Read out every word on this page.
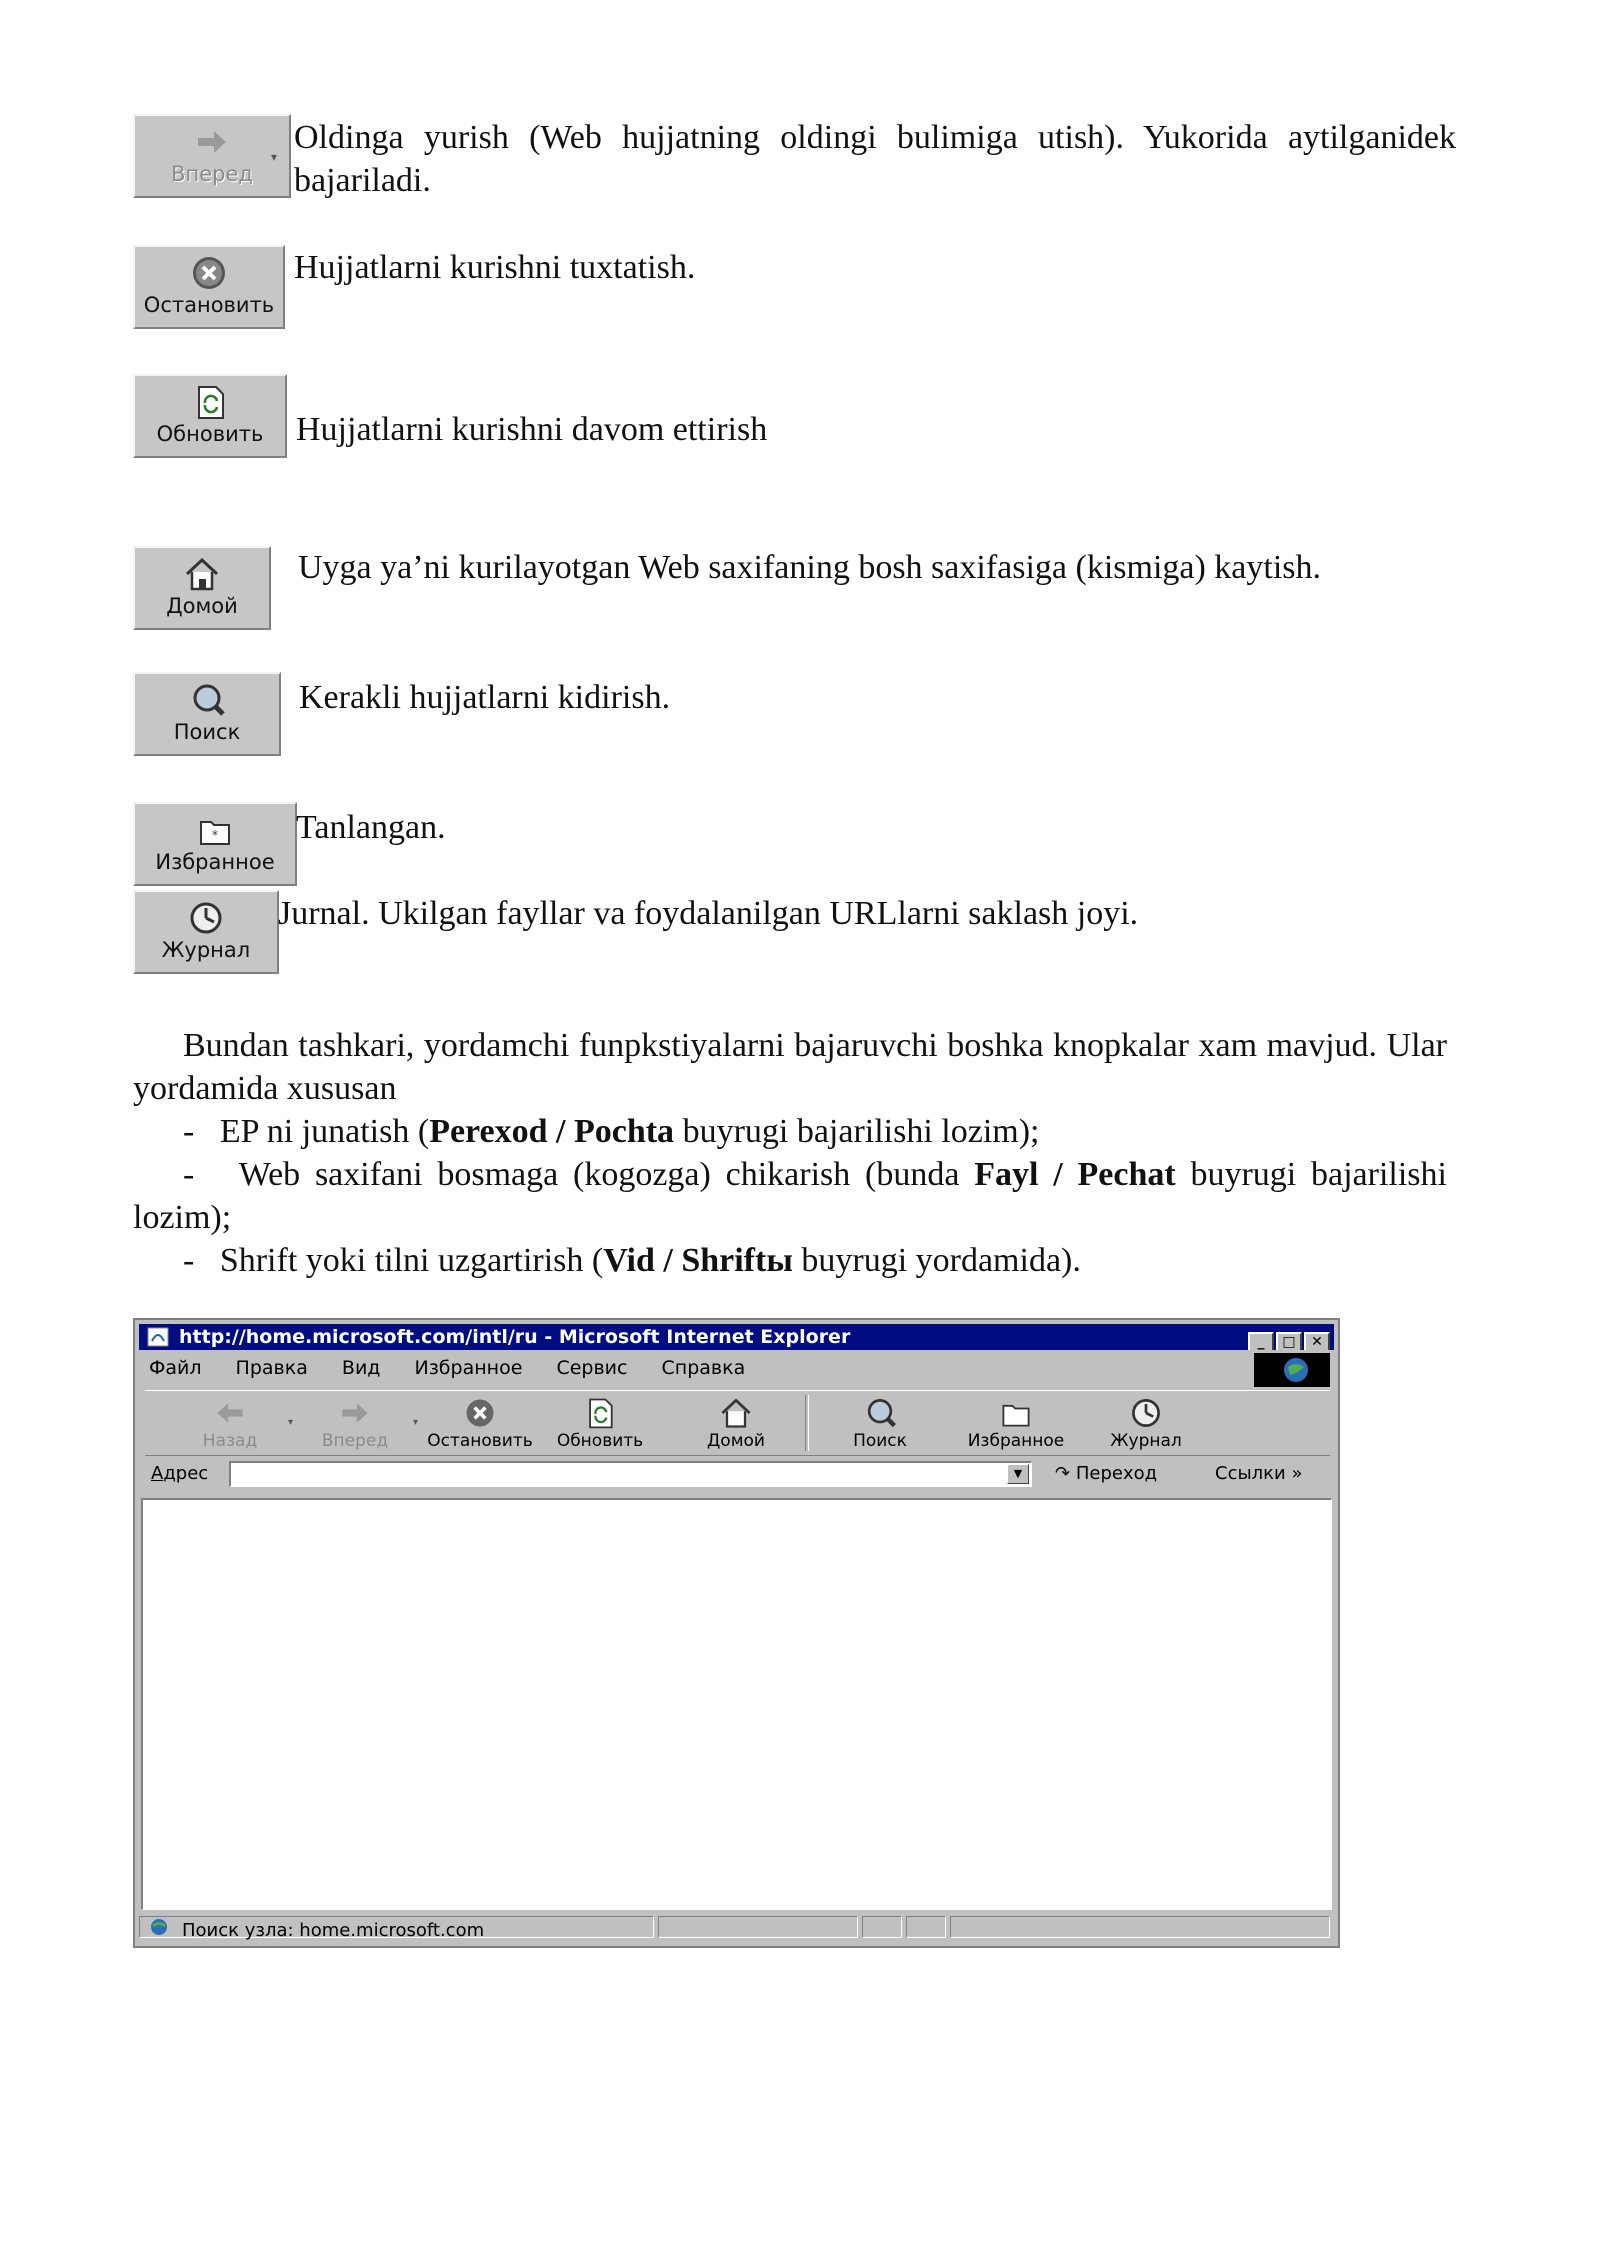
Вперед
▾
Oldinga yurish (Web hujjatning oldingi bulimiga utish). Yukorida aytilganidek bajariladi.
Остановить
Hujjatlarni kurishni tuxtatish.
Обновить Hujjatlarni kurishni davom ettirish
Домой
Uyga ya’ni kurilayotgan Web saxifaning bosh saxifasiga (kismiga) kaytish.
Поиск
Kerakli hujjatlarni kidirish.
*
Избранное
Tanlangan.
Журнал
Jurnal. Ukilgan fayllar va foydalanilgan URLlarni saklash joyi.
Bundan tashkari, yordamchi funpkstiyalarni bajaruvchi boshka knopkalar xam mavjud. Ular yordamida xususan
- EP ni junatish (Perexod / Pochta buyrugi bajarilishi lozim);
- Web saxifani bosmaga (kogozga) chikarish (bunda Fayl / Pechat buyrugi bajarilishi lozim);
- Shrift yoki tilni uzgartirish (Vid / Shriftы buyrugi yordamida).
http://home.microsoft.com/intl/ru - Microsoft Internet Explorer	_ □ ✕
Файл Правка Вид Избранное Сервис Справка
Назад
▾
Вперед
▾
Остановить	Обновить	Домой	Поиск	Избранное	Журнал
Адрес	▼	↷ Переход	Ссылки »
Поиск узла: home.microsoft.com
